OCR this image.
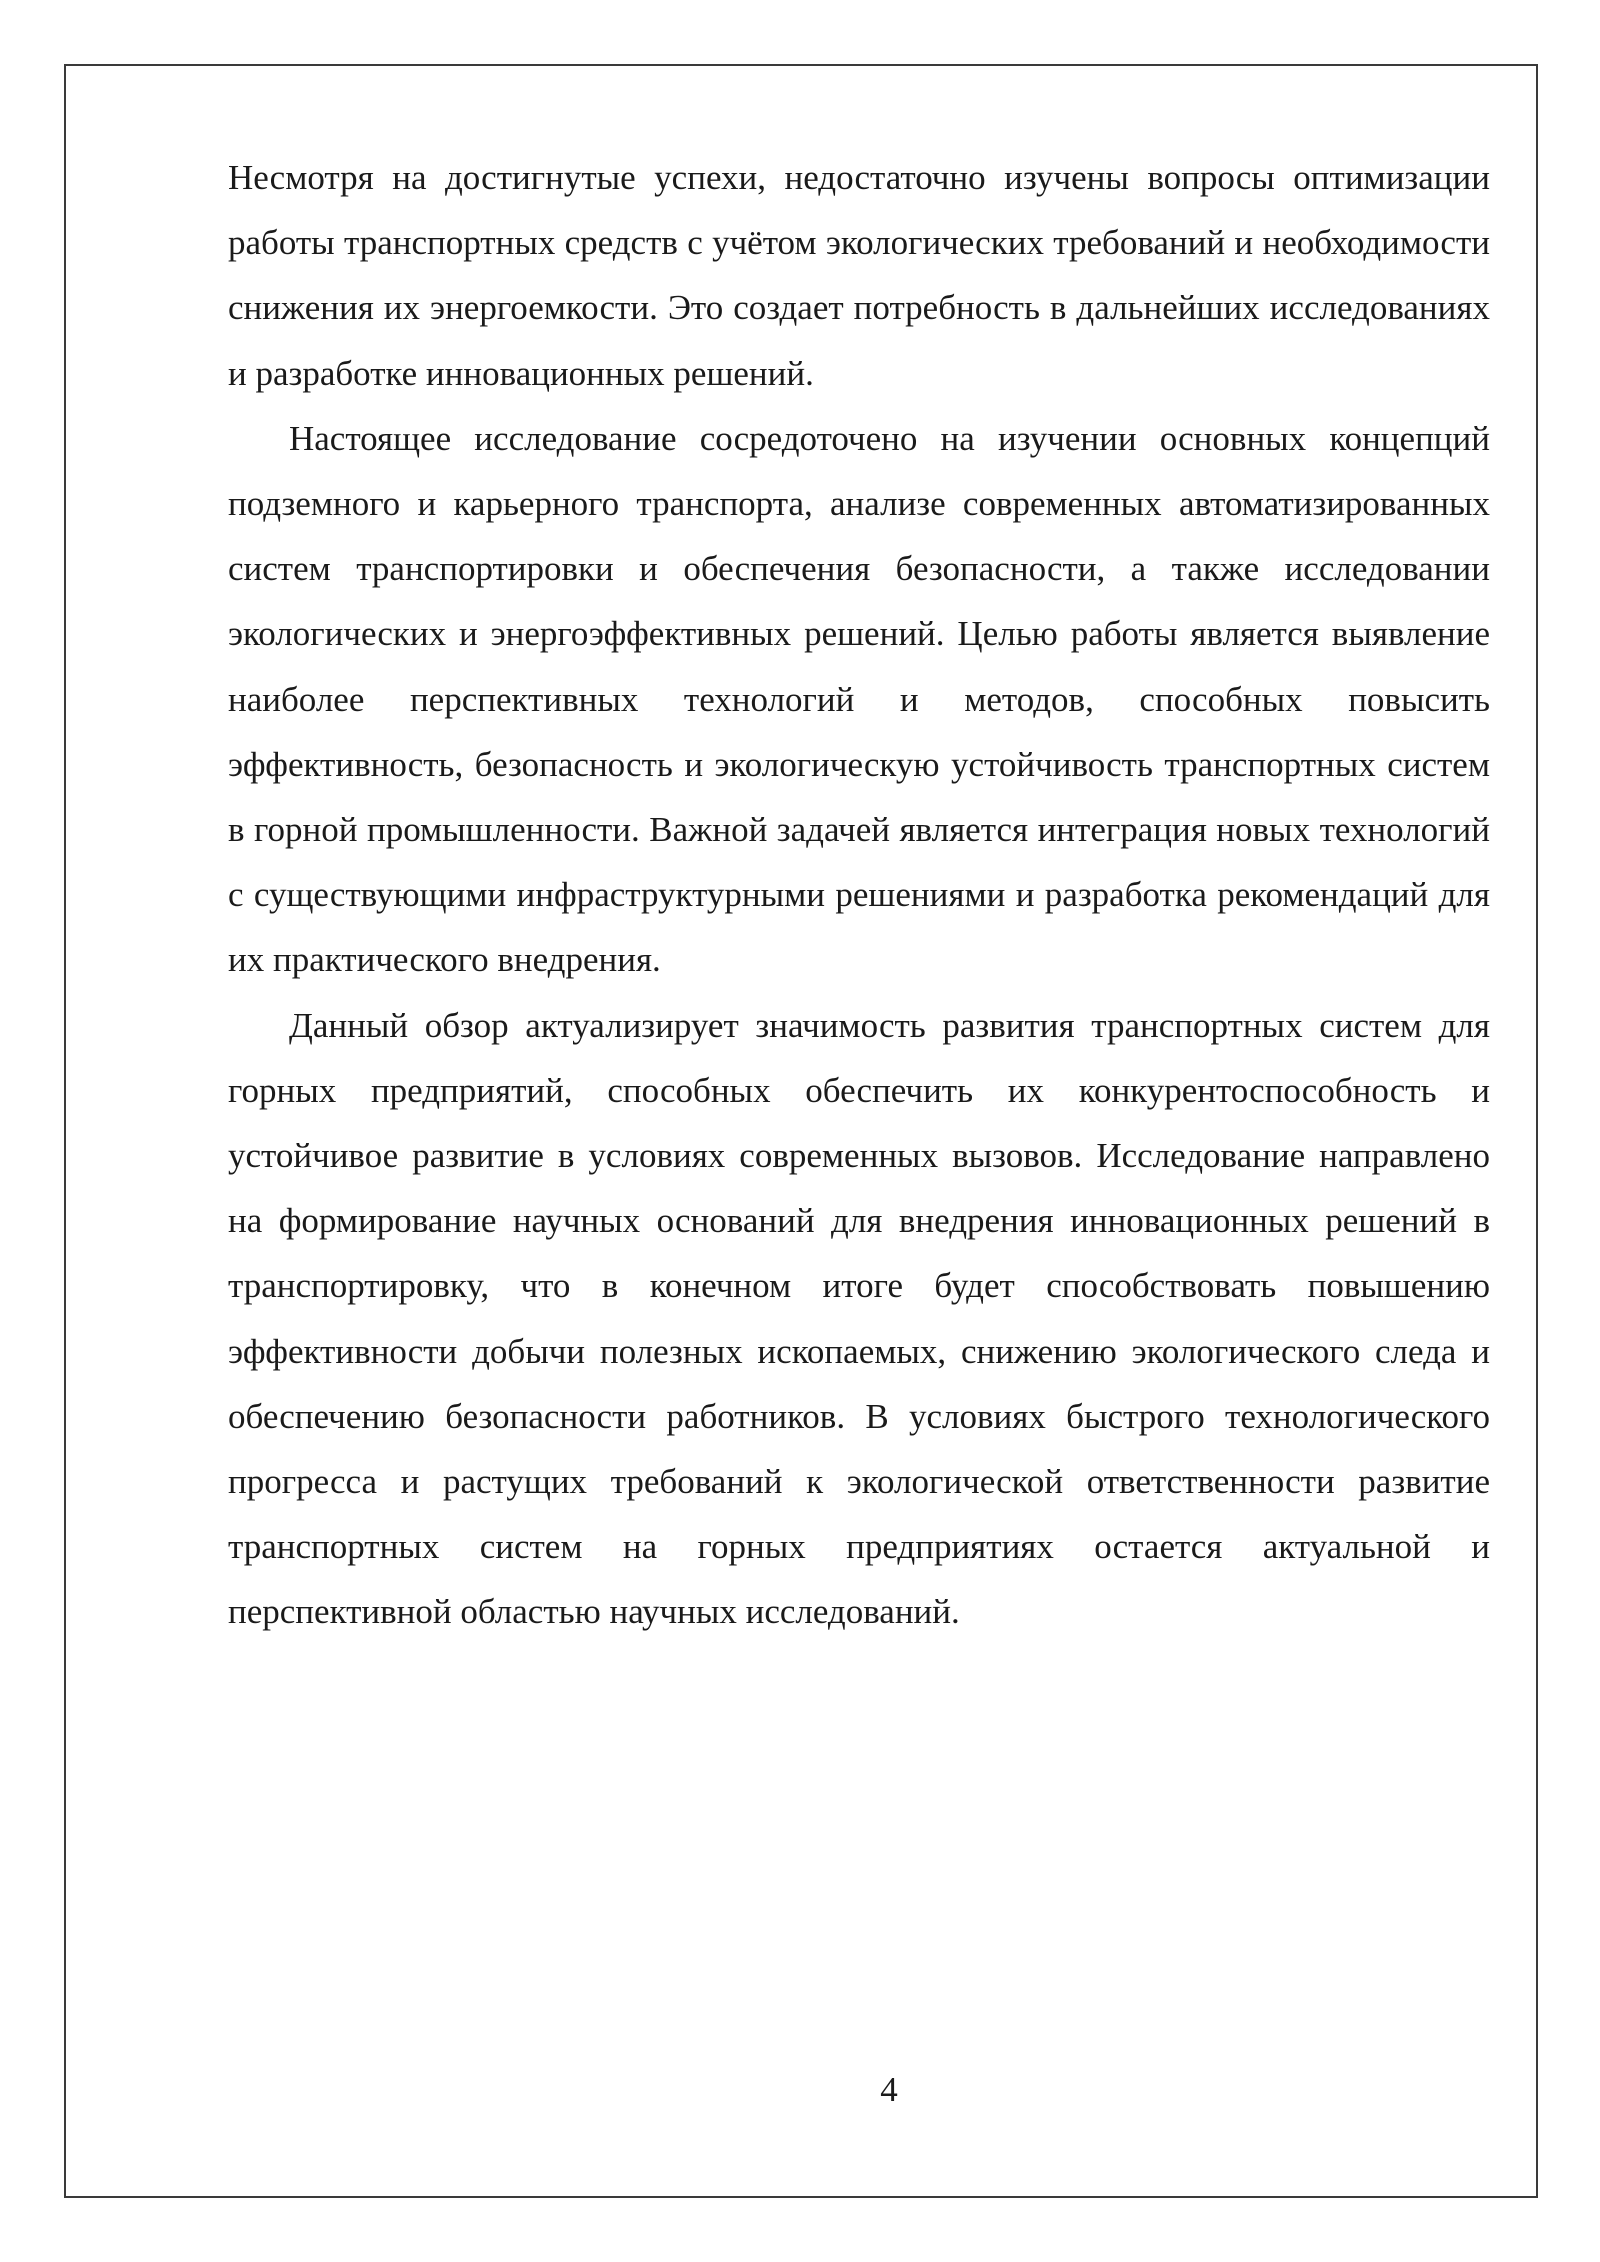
Несмотря на достигнутые успехи, недостаточно изучены вопросы оптимизации работы транспортных средств с учётом экологических требований и необходимости снижения их энергоемкости. Это создает потребность в дальнейших исследованиях и разработке инновационных решений.

Настоящее исследование сосредоточено на изучении основных концепций подземного и карьерного транспорта, анализе современных автоматизированных систем транспортировки и обеспечения безопасности, а также исследовании экологических и энергоэффективных решений. Целью работы является выявление наиболее перспективных технологий и методов, способных повысить эффективность, безопасность и экологическую устойчивость транспортных систем в горной промышленности. Важной задачей является интеграция новых технологий с существующими инфраструктурными решениями и разработка рекомендаций для их практического внедрения.

Данный обзор актуализирует значимость развития транспортных систем для горных предприятий, способных обеспечить их конкурентоспособность и устойчивое развитие в условиях современных вызовов. Исследование направлено на формирование научных оснований для внедрения инновационных решений в транспортировку, что в конечном итоге будет способствовать повышению эффективности добычи полезных ископаемых, снижению экологического следа и обеспечению безопасности работников. В условиях быстрого технологического прогресса и растущих требований к экологической ответственности развитие транспортных систем на горных предприятиях остается актуальной и перспективной областью научных исследований.

4
